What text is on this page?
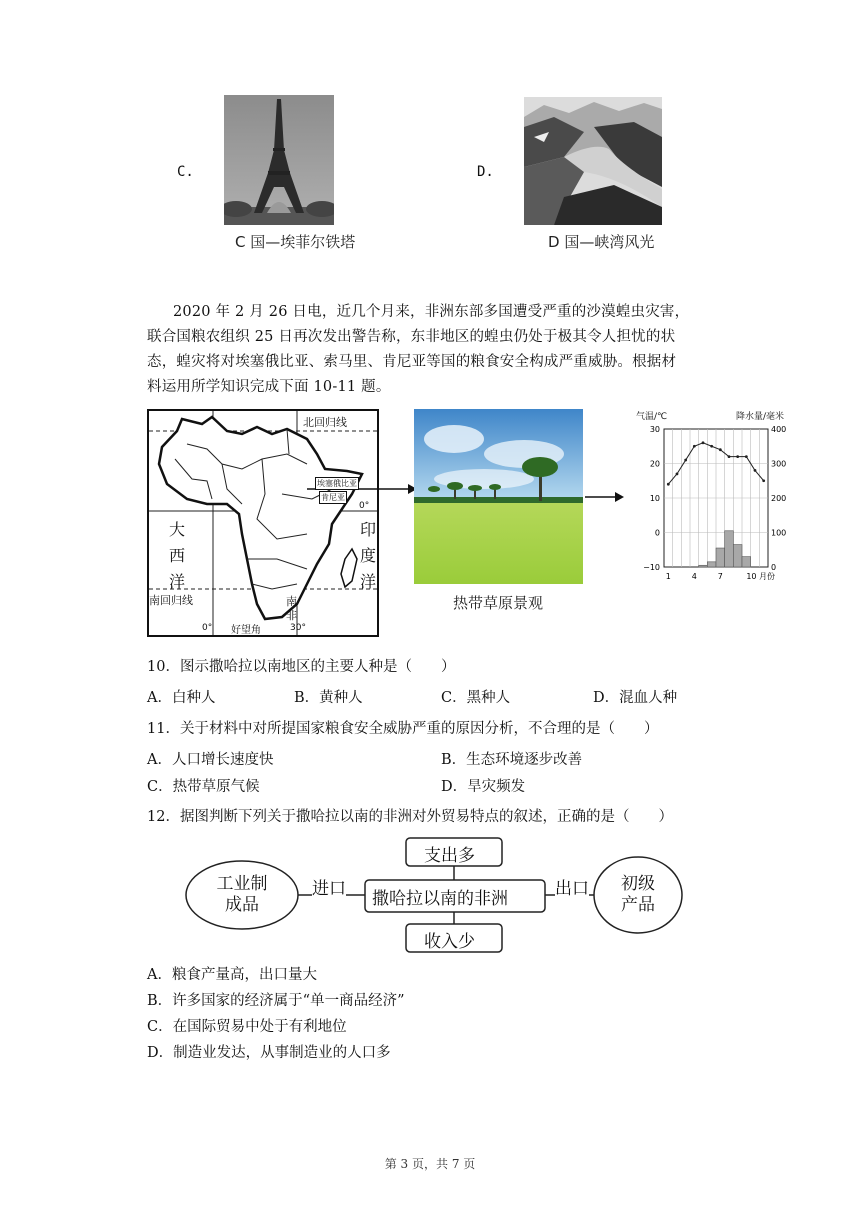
C.
C 国—埃菲尔铁塔
D.
D 国—峡湾风光
2020 年 2 月 26 日电，近几个月来，非洲东部多国遭受严重的沙漠蝗虫灾害，
联合国粮农组织 25 日再次发出警告称，东非地区的蝗虫仍处于极其令人担忧的状
态，蝗灾将对埃塞俄比亚、索马里、肯尼亚等国的粮食安全构成严重威胁。根据材
料运用所学知识完成下面 10-11 题。
北回归线
南回归线
0°
大
西
洋
印
度
洋
埃塞俄比亚
肯尼亚
南
非
好望角
0°	30°
热带草原景观
气温/℃	降水量/毫米
30
20
10
0
−10
400
300
200
100
0
1	4	7	10 月份
10．图示撒哈拉以南地区的主要人种是（　　）
A．白种人	B．黄种人	C．黑种人	D．混血人种
11．关于材料中对所提国家粮食安全威胁严重的原因分析，不合理的是（　　）
A．人口增长速度快	B．生态环境逐步改善
C．热带草原气候	D．旱灾频发
12．据图判断下列关于撒哈拉以南的非洲对外贸易特点的叙述，正确的是（　　）
工业制
成品
进口 撒哈拉以南的非洲	出口	初级
产品
支出多
收入少
A．粮食产量高，出口量大
B．许多国家的经济属于“单一商品经济”
C．在国际贸易中处于有利地位
D．制造业发达，从事制造业的人口多
第 3 页，共 7 页
